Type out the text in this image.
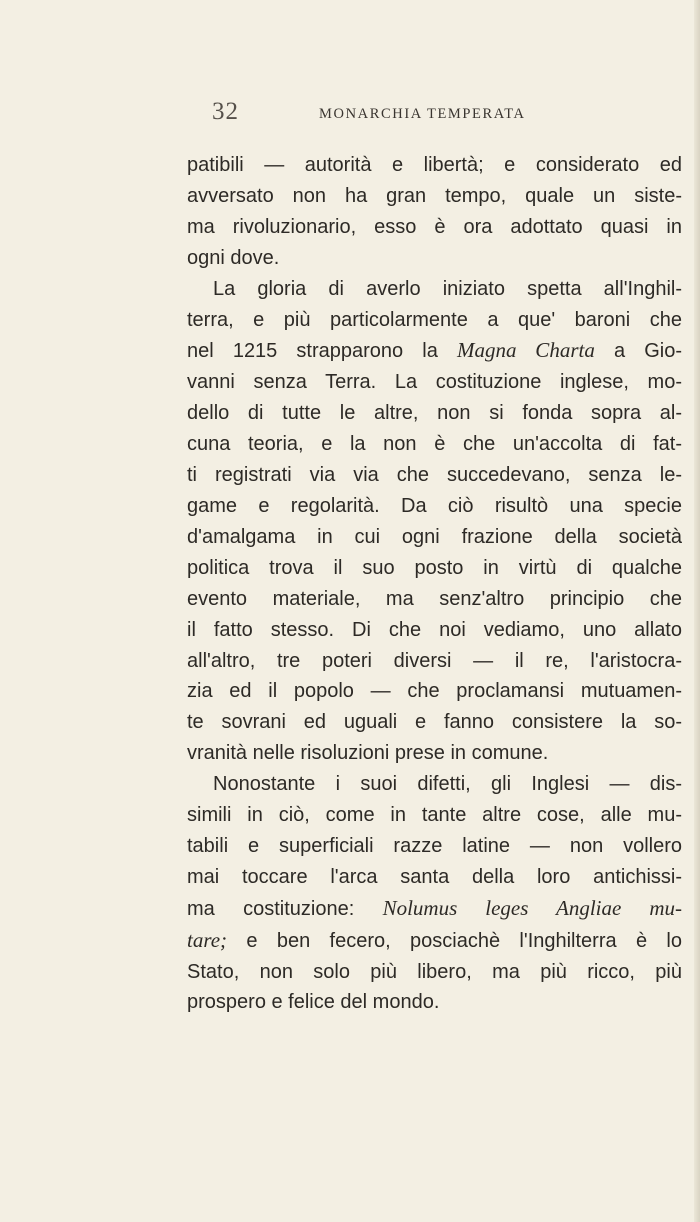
32	MONARCHIA TEMPERATA

patibili — autorità e libertà; e considerato ed
avversato non ha gran tempo, quale un siste-
ma rivoluzionario, esso è ora adottato quasi in
ogni dove.

La gloria di averlo iniziato spetta all'Inghil-
terra, e più particolarmente a que' baroni che
nel 1215 strapparono la Magna Charta a Gio-
vanni senza Terra. La costituzione inglese, mo-
dello di tutte le altre, non si fonda sopra al-
cuna teoria, e la non è che un'accolta di fat-
ti registrati via via che succedevano, senza le-
game e regolarità. Da ciò risultò una specie
d'amalgama in cui ogni frazione della società
politica trova il suo posto in virtù di qualche
evento materiale, ma senz'altro principio che
il fatto stesso. Di che noi vediamo, uno allato
all'altro, tre poteri diversi — il re, l'aristocra-
zia ed il popolo — che proclamansi mutuamen-
te sovrani ed uguali e fanno consistere la so-
vranità nelle risoluzioni prese in comune.

Nonostante i suoi difetti, gli Inglesi — dis-
simili in ciò, come in tante altre cose, alle mu-
tabili e superficiali razze latine — non vollero
mai toccare l'arca santa della loro antichissi-
ma costituzione: Nolumus leges Angliae mu-
tare; e ben fecero, posciachè l'Inghilterra è lo
Stato, non solo più libero, ma più ricco, più
prospero e felice del mondo.
